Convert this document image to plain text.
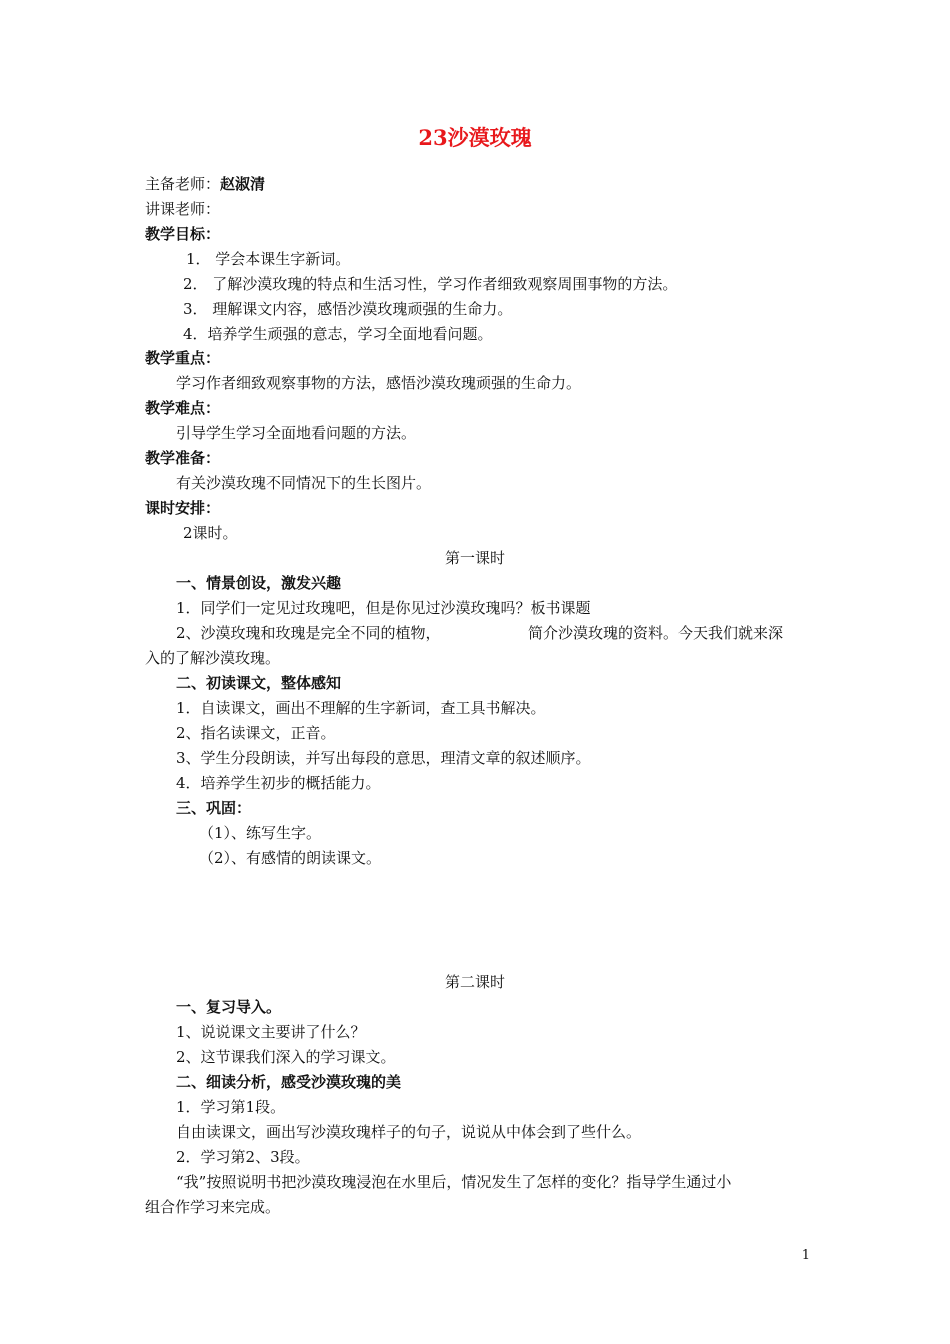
23沙漠玫瑰
主备老师：赵淑清
讲课老师：
教学目标：
1． 学会本课生字新词。
2． 了解沙漠玫瑰的特点和生活习性，学习作者细致观察周围事物的方法。
3． 理解课文内容，感悟沙漠玫瑰顽强的生命力。
4．培养学生顽强的意志，学习全面地看问题。
教学重点：
学习作者细致观察事物的方法，感悟沙漠玫瑰顽强的生命力。
教学难点：
引导学生学习全面地看问题的方法。
教学准备：
有关沙漠玫瑰不同情况下的生长图片。
课时安排：
2课时。
第一课时
一、情景创设，激发兴趣
1．同学们一定见过玫瑰吧，但是你见过沙漠玫瑰吗？板书课题
2、沙漠玫瑰和玫瑰是完全不同的植物，	简介沙漠玫瑰的资料。今天我们就来深
入的了解沙漠玫瑰。
二、初读课文，整体感知
1．自读课文，画出不理解的生字新词，查工具书解决。
2、指名读课文，正音。
3、学生分段朗读，并写出每段的意思，理清文章的叙述顺序。
4．培养学生初步的概括能力。
三、巩固：
（1）、练写生字。
（2）、有感情的朗读课文。
第二课时
一、复习导入。
1、说说课文主要讲了什么？
2、这节课我们深入的学习课文。
二、细读分析，感受沙漠玫瑰的美
1．学习第1段。
自由读课文，画出写沙漠玫瑰样子的句子，说说从中体会到了些什么。
2．学习第2、3段。
“我”按照说明书把沙漠玫瑰浸泡在水里后，情况发生了怎样的变化？指导学生通过小
组合作学习来完成。
1
